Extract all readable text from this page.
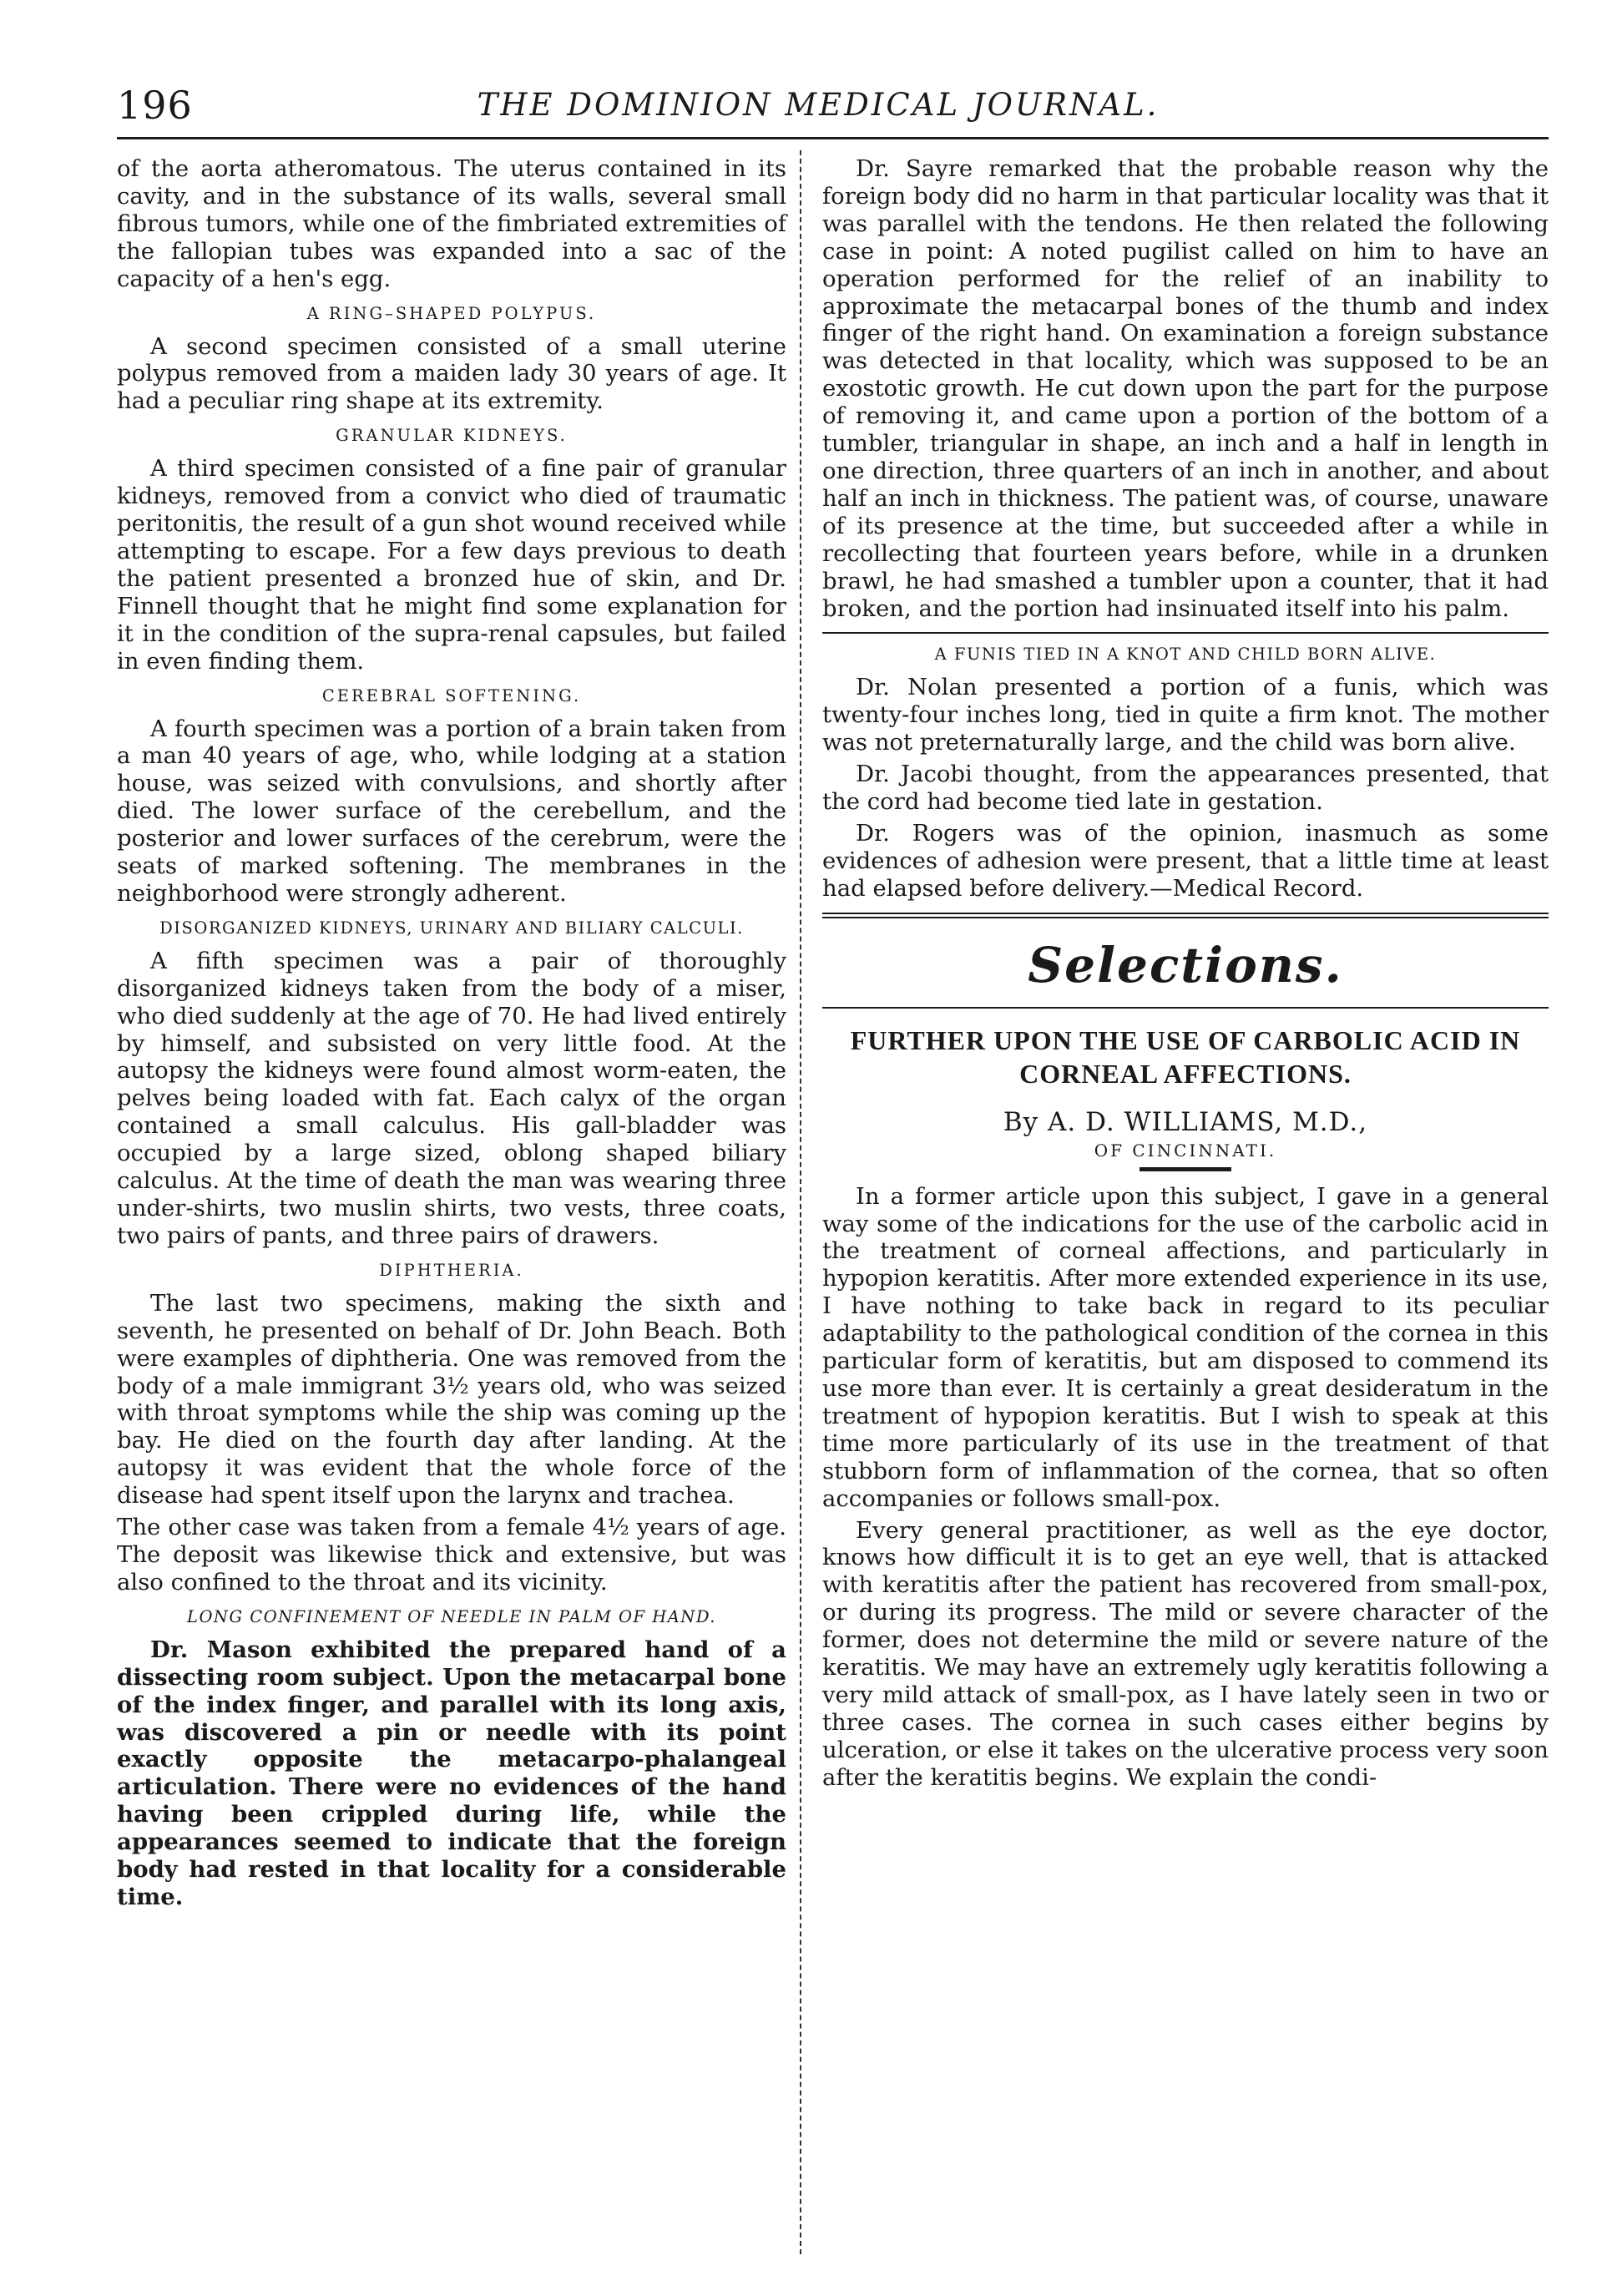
196	THE DOMINION MEDICAL JOURNAL.

of the aorta atheromatous. The uterus contained in its cavity, and in the substance of its walls, several small fibrous tumors, while one of the fimbriated extremities of the fallopian tubes was expanded into a sac of the capacity of a hen's egg.

A RING–SHAPED POLYPUS.

A second specimen consisted of a small uterine polypus removed from a maiden lady 30 years of age. It had a peculiar ring shape at its extremity.

GRANULAR KIDNEYS.

A third specimen consisted of a fine pair of granular kidneys, removed from a convict who died of traumatic peritonitis, the result of a gun shot wound received while attempting to escape. For a few days previous to death the patient presented a bronzed hue of skin, and Dr. Finnell thought that he might find some explanation for it in the condition of the supra-renal capsules, but failed in even finding them.

CEREBRAL SOFTENING.

A fourth specimen was a portion of a brain taken from a man 40 years of age, who, while lodging at a station house, was seized with convulsions, and shortly after died. The lower surface of the cerebellum, and the posterior and lower surfaces of the cerebrum, were the seats of marked softening. The membranes in the neighborhood were strongly adherent.

DISORGANIZED KIDNEYS, URINARY AND BILIARY CALCULI.

A fifth specimen was a pair of thoroughly disorganized kidneys taken from the body of a miser, who died suddenly at the age of 70. He had lived entirely by himself, and subsisted on very little food. At the autopsy the kidneys were found almost worm-eaten, the pelves being loaded with fat. Each calyx of the organ contained a small calculus. His gall-bladder was occupied by a large sized, oblong shaped biliary calculus. At the time of death the man was wearing three under-shirts, two muslin shirts, two vests, three coats, two pairs of pants, and three pairs of drawers.

DIPHTHERIA.

The last two specimens, making the sixth and seventh, he presented on behalf of Dr. John Beach. Both were examples of diphtheria. One was removed from the body of a male immigrant 3½ years old, who was seized with throat symptoms while the ship was coming up the bay. He died on the fourth day after landing. At the autopsy it was evident that the whole force of the disease had spent itself upon the larynx and trachea.

The other case was taken from a female 4½ years of age. The deposit was likewise thick and extensive, but was also confined to the throat and its vicinity.

LONG CONFINEMENT OF NEEDLE IN PALM OF HAND.

Dr. Mason exhibited the prepared hand of a dissecting room subject. Upon the metacarpal bone of the index finger, and parallel with its long axis, was discovered a pin or needle with its point exactly opposite the metacarpo-phalangeal articulation. There were no evidences of the hand having been crippled during life, while the appearances seemed to indicate that the foreign body had rested in that locality for a considerable time.

Dr. Sayre remarked that the probable reason why the foreign body did no harm in that particular locality was that it was parallel with the tendons. He then related the following case in point: A noted pugilist called on him to have an operation performed for the relief of an inability to approximate the metacarpal bones of the thumb and index finger of the right hand. On examination a foreign substance was detected in that locality, which was supposed to be an exostotic growth. He cut down upon the part for the purpose of removing it, and came upon a portion of the bottom of a tumbler, triangular in shape, an inch and a half in length in one direction, three quarters of an inch in another, and about half an inch in thickness. The patient was, of course, unaware of its presence at the time, but succeeded after a while in recollecting that fourteen years before, while in a drunken brawl, he had smashed a tumbler upon a counter, that it had broken, and the portion had insinuated itself into his palm.

A FUNIS TIED IN A KNOT AND CHILD BORN ALIVE.

Dr. Nolan presented a portion of a funis, which was twenty-four inches long, tied in quite a firm knot. The mother was not preternaturally large, and the child was born alive.

Dr. Jacobi thought, from the appearances presented, that the cord had become tied late in gestation.

Dr. Rogers was of the opinion, inasmuch as some evidences of adhesion were present, that a little time at least had elapsed before delivery.—Medical Record.

Selections.
FURTHER UPON THE USE OF CARBOLIC ACID IN CORNEAL AFFECTIONS.
By A. D. WILLIAMS, M.D.,
OF CINCINNATI.

In a former article upon this subject, I gave in a general way some of the indications for the use of the carbolic acid in the treatment of corneal affections, and particularly in hypopion keratitis. After more extended experience in its use, I have nothing to take back in regard to its peculiar adaptability to the pathological condition of the cornea in this particular form of keratitis, but am disposed to commend its use more than ever. It is certainly a great desideratum in the treatment of hypopion keratitis. But I wish to speak at this time more particularly of its use in the treatment of that stubborn form of inflammation of the cornea, that so often accompanies or follows small-pox.

Every general practitioner, as well as the eye doctor, knows how difficult it is to get an eye well, that is attacked with keratitis after the patient has recovered from small-pox, or during its progress. The mild or severe character of the former, does not determine the mild or severe nature of the keratitis. We may have an extremely ugly keratitis following a very mild attack of small-pox, as I have lately seen in two or three cases. The cornea in such cases either begins by ulceration, or else it takes on the ulcerative process very soon after the keratitis begins. We explain the condi-
